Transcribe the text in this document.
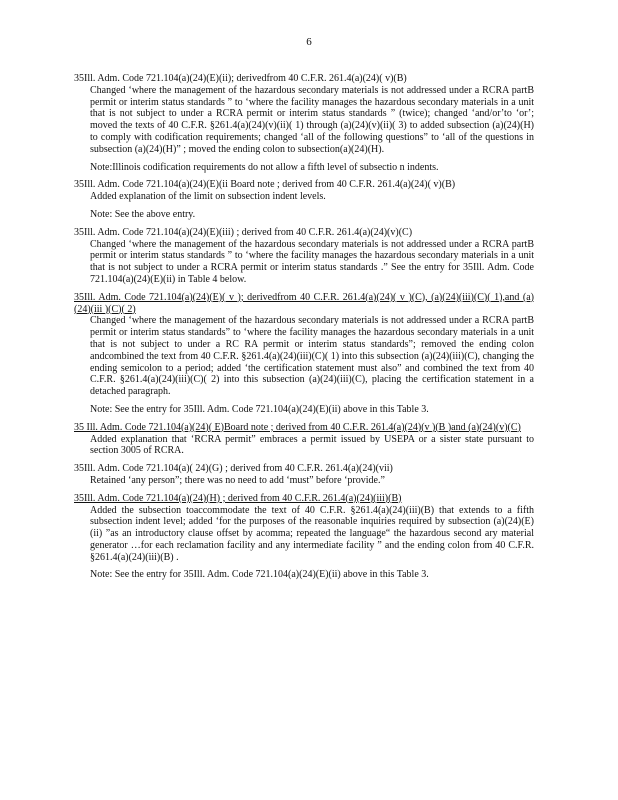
6
35Ill. Adm. Code 721.104(a)(24)(E)(ii); derivedfrom 40 C.F.R. 261.4(a)(24)( v)(B)
Changed ‘where the management of the hazardous secondary materials is not addressed under a RCRA partB permit or interim status standards ” to ‘where the facility manages the hazardous secondary materials in a unit that is not subject to under a RCRA permit or interim status standards ” (twice); changed ‘and/or’to ‘or’; moved the texts of 40 C.F.R. §261.4(a)(24)(v)(ii)( 1) through (a)(24)(v)(ii)( 3) to added subsection (a)(24)(H) to comply with codification requirements; changed ‘all of the following questions” to ‘all of the questions in subsection (a)(24)(H)” ; moved the ending colon to subsection(a)(24)(H).
Note:Illinois codification requirements do not allow a fifth level of subsectio n indents.
35Ill. Adm. Code 721.104(a)(24)(E)(ii Board note ; derived from 40 C.F.R. 261.4(a)(24)( v)(B)
Added explanation of the limit on subsection indent levels.
Note: See the above entry.
35Ill. Adm. Code 721.104(a)(24)(E)(iii) ; derived from 40 C.F.R. 261.4(a)(24)(v)(C)
Changed ‘where the management of the hazardous secondary materials is not addressed under a RCRA partB permit or interim status standards ” to ‘where the facility manages the hazardous secondary materials in a unit that is not subject to under a RCRA permit or interim status standards .” See the entry for 35Ill. Adm. Code 721.104(a)(24)(E)(ii) in Table 4 below.
35Ill. Adm. Code 721.104(a)(24)(E)( v ); derivedfrom 40 C.F.R. 261.4(a)(24)( v )(C), (a)(24)(iii)(C)( 1),and (a)(24)(iii )(C)( 2)
Changed ‘where the management of the hazardous secondary materials is not addressed under a RCRA partB permit or interim status standards” to ‘where the facility manages the hazardous secondary materials in a unit that is not subject to under a RC RA permit or interim status standards”; removed the ending colon andcombined the text from 40 C.F.R. §261.4(a)(24)(iii)(C)( 1) into this subsection (a)(24)(iii)(C), changing the ending semicolon to a period; added ‘the certification statement must also” and combined the text from 40 C.F.R. §261.4(a)(24)(iii)(C)( 2) into this subsection (a)(24)(iii)(C), placing the certification statement in a detached paragraph.
Note: See the entry for 35Ill. Adm. Code 721.104(a)(24)(E)(ii) above in this Table 3.
35 Ill. Adm. Code 721.104(a)(24)( E)Board note ; derived from 40 C.F.R. 261.4(a)(24)(v )(B )and (a)(24)(v)(C)
Added explanation that ‘RCRA permit” embraces a permit issued by USEPA or a sister state pursuant to section 3005 of RCRA.
35Ill. Adm. Code 721.104(a)( 24)(G) ; derived from 40 C.F.R. 261.4(a)(24)(vii)
Retained ‘any person”; there was no need to add ‘must” before ‘provide.”
35Ill. Adm. Code 721.104(a)(24)(H) ; derived from 40 C.F.R. 261.4(a)(24)(iii)(B)
Added the subsection toaccommodate the text of 40 C.F.R. §261.4(a)(24)(iii)(B) that extends to a fifth subsection indent level; added ‘for the purposes of the reasonable inquiries required by subsection (a)(24)(E)(ii) ”as an introductory clause offset by acomma; repeated the language“ the hazardous second ary material generator …for each reclamation facility and any intermediate facility ” and the ending colon from 40 C.F.R. §261.4(a)(24)(iii)(B) .
Note: See the entry for 35Ill. Adm. Code 721.104(a)(24)(E)(ii) above in this Table 3.
